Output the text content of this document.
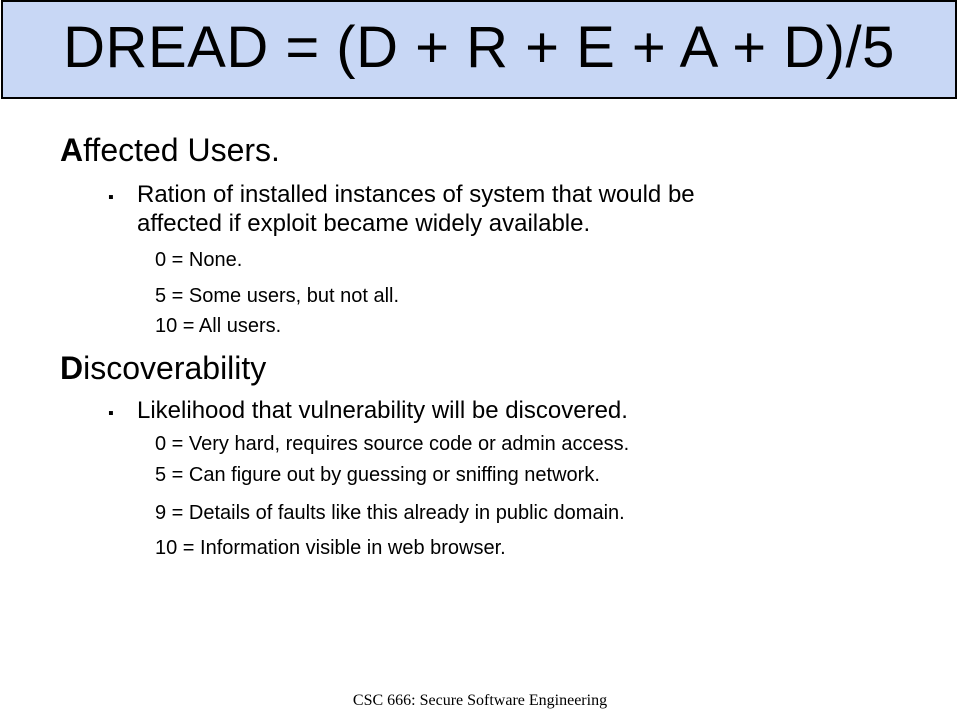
DREAD = (D + R + E + A + D)/5
Affected Users.
▪ Ration of installed instances of system that would be
affected if exploit became widely available.
0 = None.
5 = Some users, but not all.
10 = All users.
Discoverability
▪ Likelihood that vulnerability will be discovered.
0 = Very hard, requires source code or admin access.
5 = Can figure out by guessing or sniffing network.
9 = Details of faults like this already in public domain.
10 = Information visible in web browser.
CSC 666: Secure Software Engineering
